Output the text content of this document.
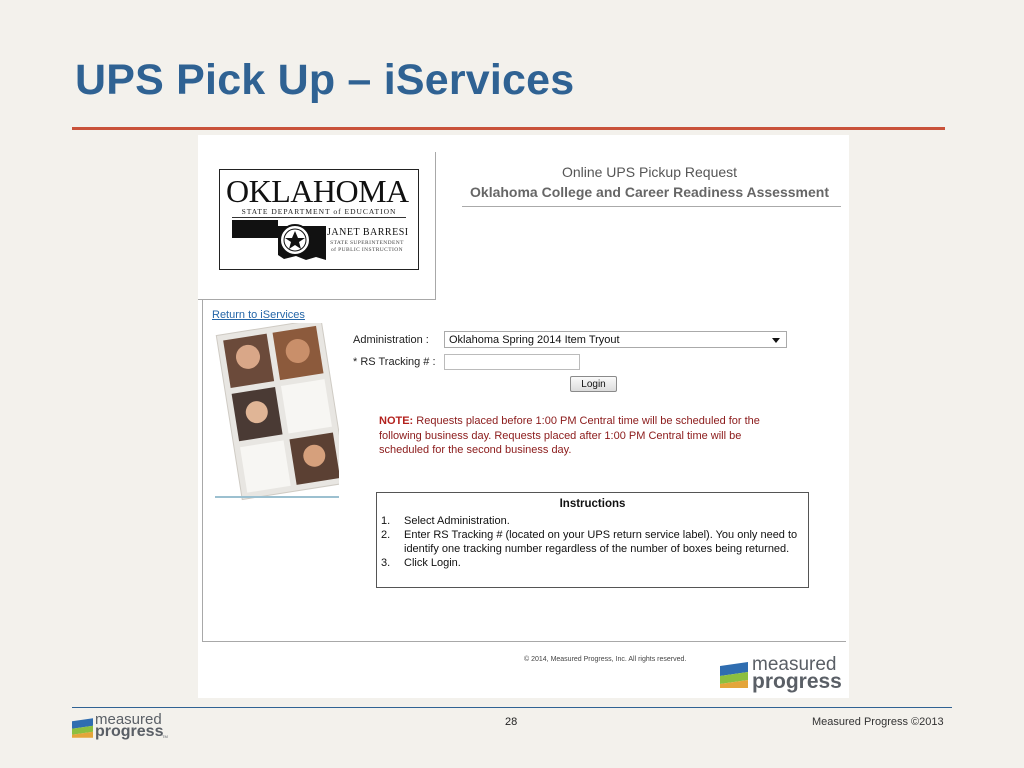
UPS Pick Up – iServices
OKLAHOMA
STATE DEPARTMENT of EDUCATION
JANET BARRESI
STATE SUPERINTENDENT
of PUBLIC INSTRUCTION
Online UPS Pickup Request
Oklahoma College and Career Readiness Assessment
Return to iServices
Administration :	Oklahoma Spring 2014 Item Tryout
* RS Tracking # :
Login
NOTE: Requests placed before 1:00 PM Central time will be scheduled for the following business day. Requests placed after 1:00 PM Central time will be scheduled for the second business day.
Instructions
1. Select Administration.
2. Enter RS Tracking # (located on your UPS return service label). You only need to identify one tracking number regardless of the number of boxes being returned.
3. Click Login.
© 2014, Measured Progress, Inc. All rights reserved.	measured
progress
measured
progress
TM
28	Measured Progress ©2013
